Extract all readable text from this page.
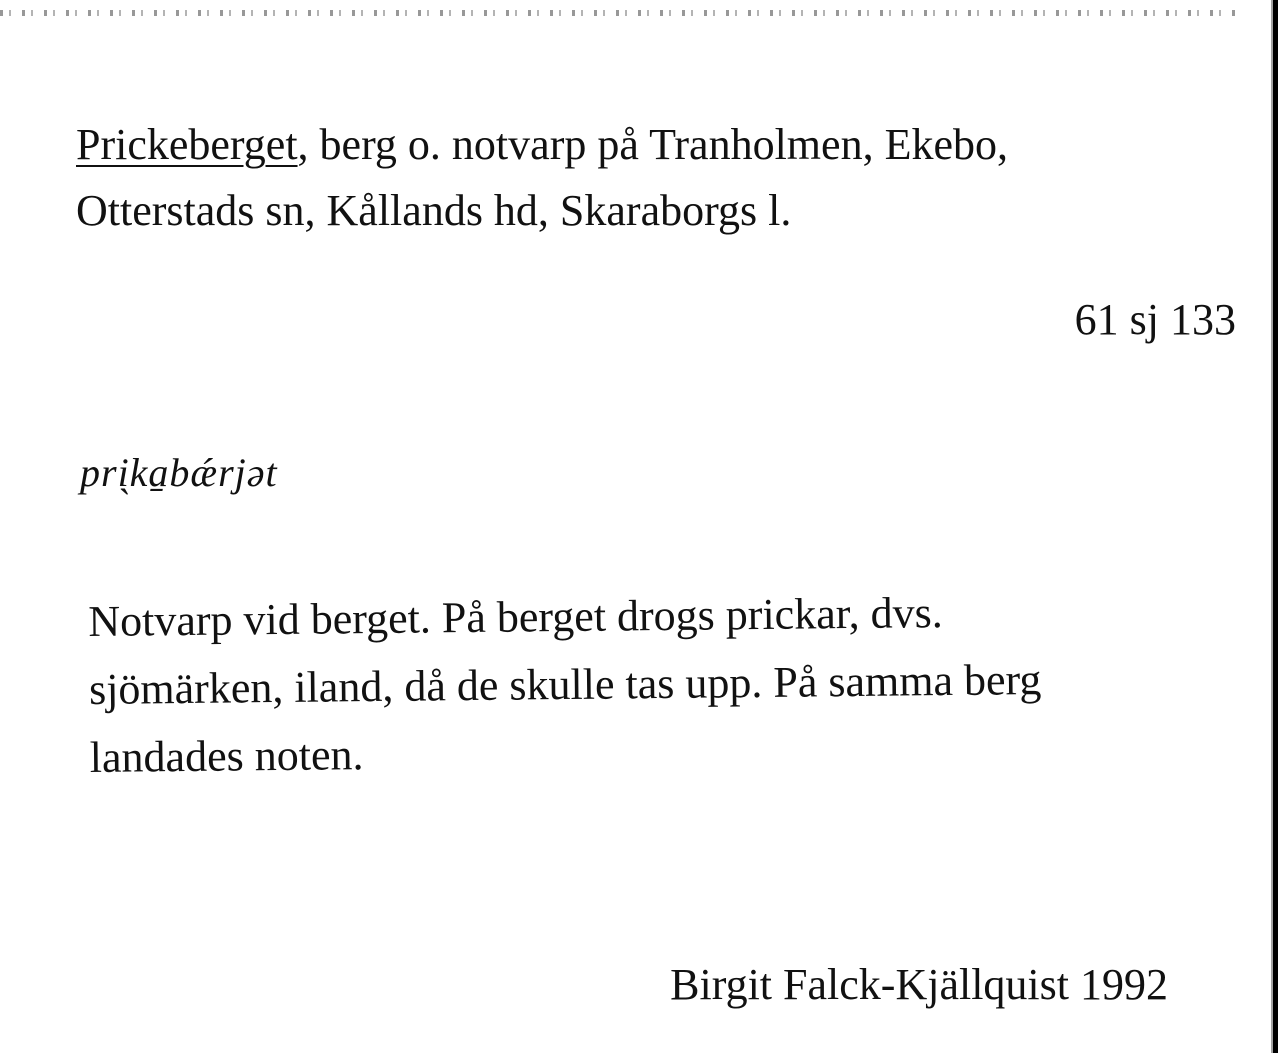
Prickeberget, berg o. notvarp på Tranholmen, Ekebo,
Otterstads sn, Kållands hd, Skaraborgs l.
61 sj 133
pri̖ka̱bǽrjət
Notvarp vid berget. På berget drogs prickar, dvs.
sjömärken, iland, då de skulle tas upp. På samma berg
landades noten.
Birgit Falck-Kjällquist 1992
